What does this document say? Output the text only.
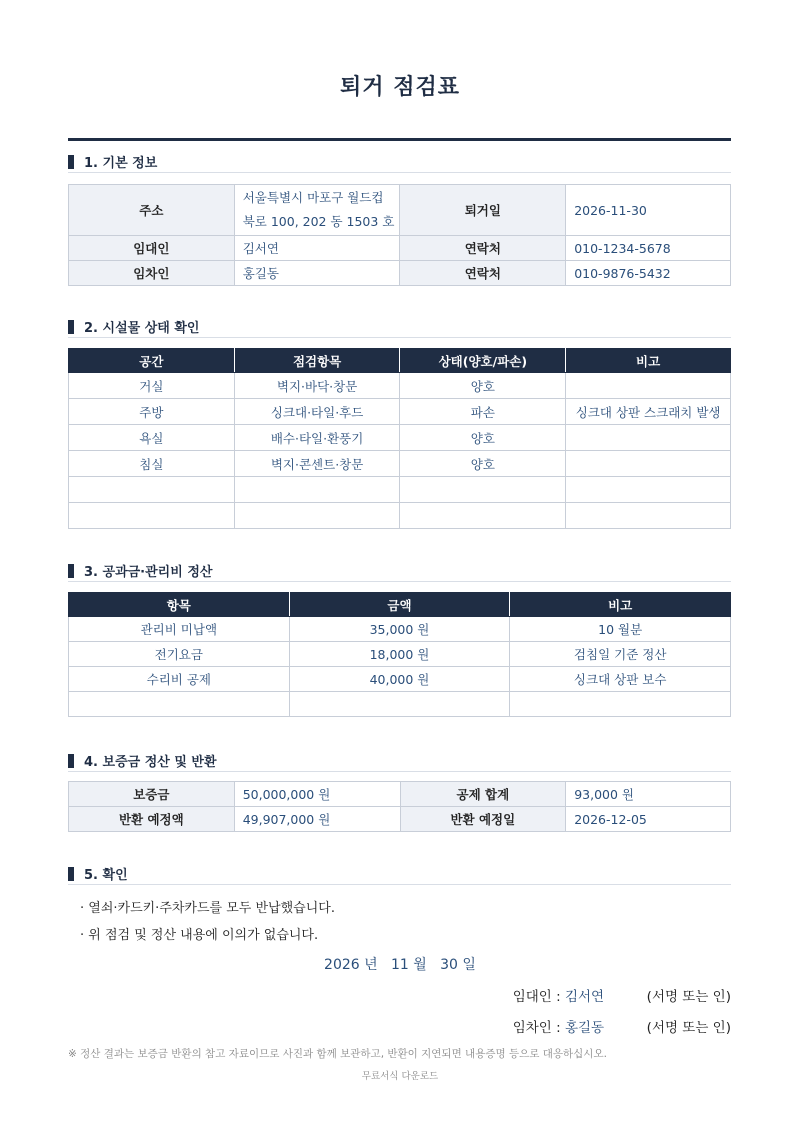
퇴거 점검표
1. 기본 정보
주소	서울특별시 마포구 월드컵
북로 100, 202 동 1503 호	퇴거일	2026-11-30
임대인	김서연	연락처	010-1234-5678
임차인	홍길동	연락처	010-9876-5432
2. 시설물 상태 확인
공간	점검항목	상태(양호/파손)	비고
거실	벽지·바닥·창문	양호	
주방	싱크대·타일·후드	파손	싱크대 상판 스크래치 발생
욕실	배수·타일·환풍기	양호	
침실	벽지·콘센트·창문	양호	

3. 공과금·관리비 정산
항목	금액	비고
관리비 미납액	35,000 원	10 월분
전기요금	18,000 원	검침일 기준 정산
수리비 공제	40,000 원	싱크대 상판 보수

4. 보증금 정산 및 반환
보증금	50,000,000 원	공제 합계	93,000 원
반환 예정액	49,907,000 원	반환 예정일	2026-12-05
5. 확인
· 열쇠·카드키·주차카드를 모두 반납했습니다.
· 위 점검 및 정산 내용에 이의가 없습니다.
2026 년   11 월   30 일
임대인 : 김서연	(서명 또는 인)
임차인 : 홍길동	(서명 또는 인)
※ 정산 결과는 보증금 반환의 참고 자료이므로 사진과 함께 보관하고, 반환이 지연되면 내용증명 등으로 대응하십시오.
무료서식 다운로드
